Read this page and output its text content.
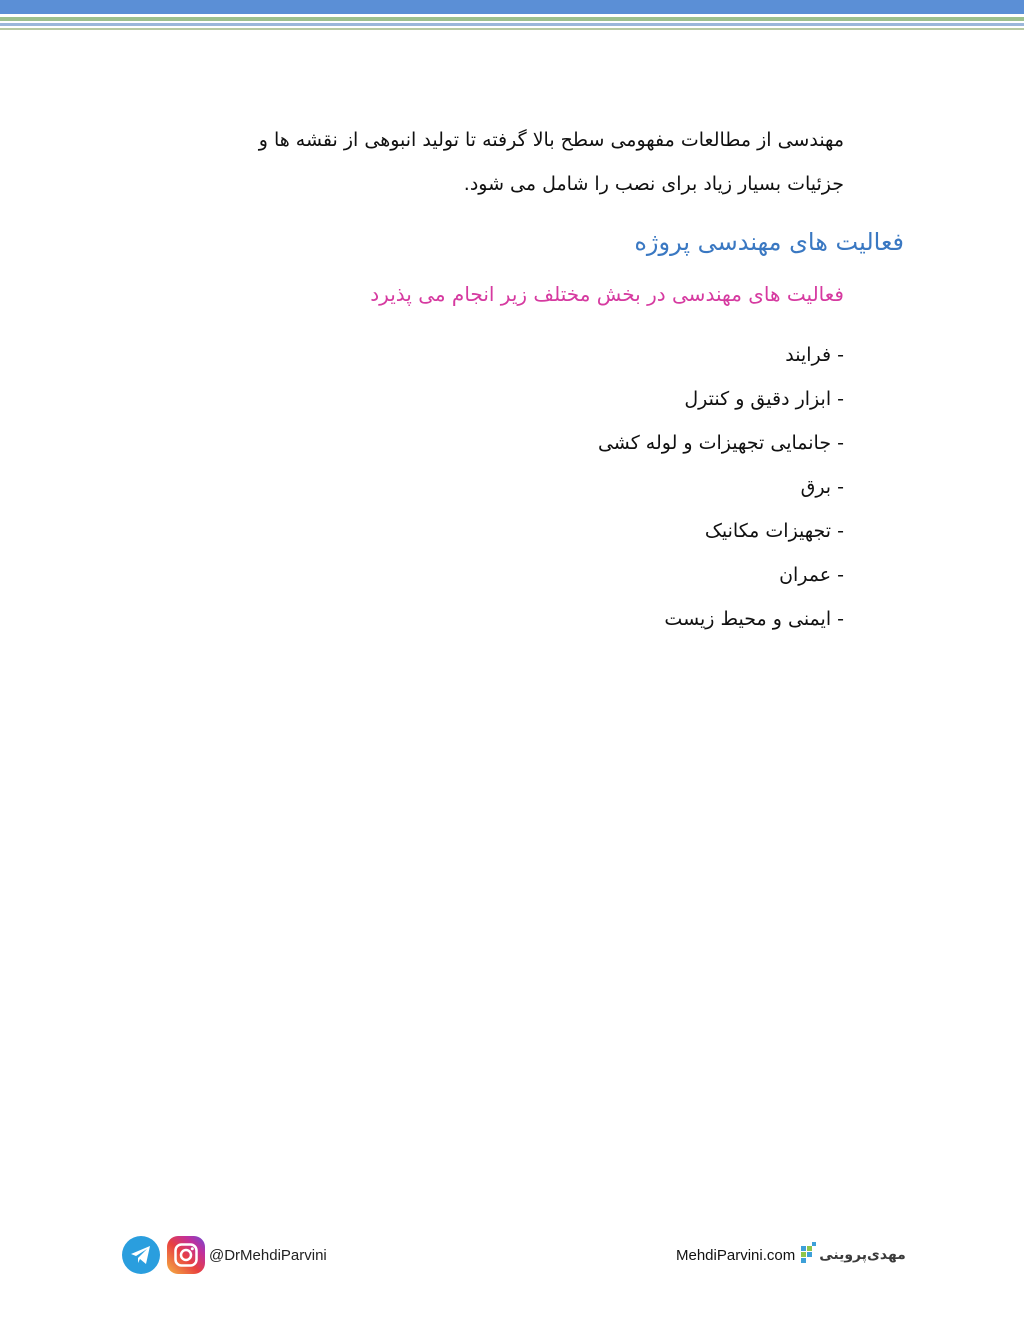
مهندسی از مطالعات مفهومی سطح بالا گرفته تا تولید انبوهی از نقشه ها و

جزئیات بسیار زیاد برای نصب را شامل می شود.

فعالیت های مهندسی پروژه
فعالیت های مهندسی در بخش مختلف زیر انجام می پذیرد
- فرایند
- ابزار دقیق و کنترل
- جانمایی تجهیزات و لوله کشی
- برق
- تجهیزات مکانیک
- عمران
- ایمنی و محیط زیست
@DrMehdiParvini	MehdiParvini.com مهدی‌پروینی
